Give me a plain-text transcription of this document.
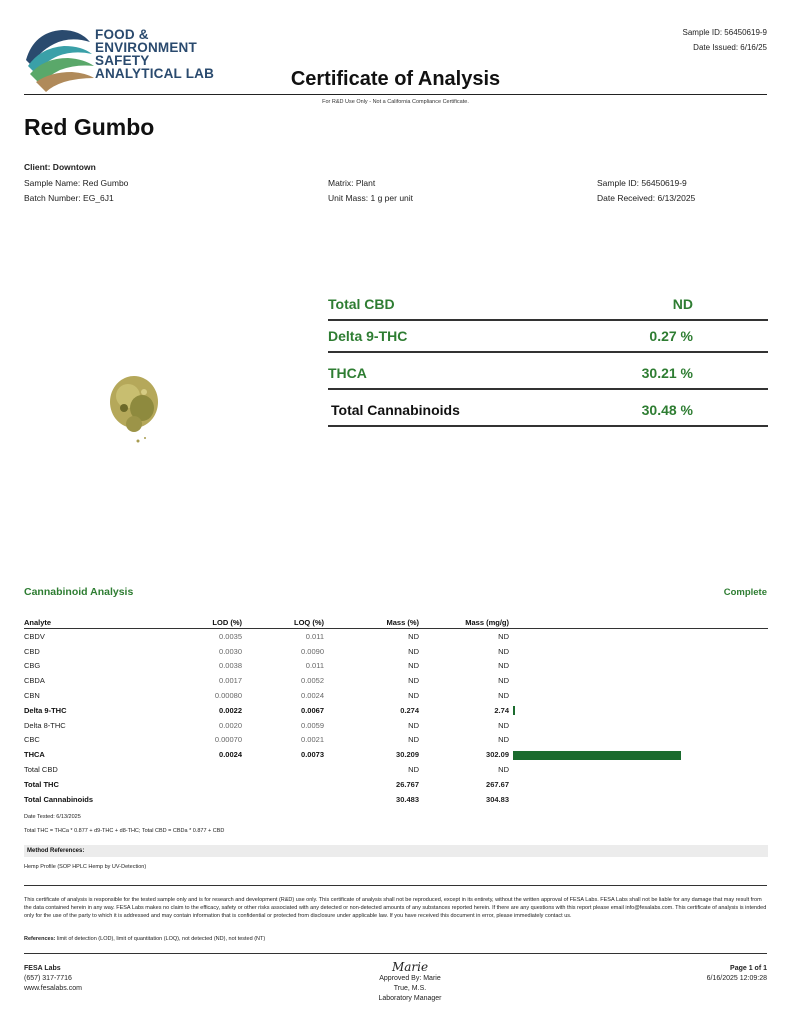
FOOD &
ENVIRONMENT
SAFETY
ANALYTICAL LAB
Sample ID: 56450619-9
Date Issued: 6/16/25
Certificate of Analysis
For R&D Use Only - Not a California Compliance Certificate.
Red Gumbo
Client: Downtown
Sample Name: Red Gumbo
Batch Number: EG_6J1
Matrix: Plant
Unit Mass: 1 g per unit
Sample ID: 56450619-9
Date Received: 6/13/2025
Total CBD	ND
Delta 9-THC	0.27 %
THCA	30.21 %
Total Cannabinoids	30.48 %
Cannabinoid Analysis	Complete
Analyte	LOD (%)	LOQ (%)	Mass (%)	Mass (mg/g)	
CBDV	0.0035	0.011	ND	ND	
CBD	0.0030	0.0090	ND	ND	
CBG	0.0038	0.011	ND	ND	
CBDA	0.0017	0.0052	ND	ND	
CBN	0.00080	0.0024	ND	ND	
Delta 9-THC	0.0022	0.0067	0.274	2.74	
Delta 8-THC	0.0020	0.0059	ND	ND	
CBC	0.00070	0.0021	ND	ND	
THCA	0.0024	0.0073	30.209	302.09	
Total CBD			ND	ND	
Total THC			26.767	267.67	
Total Cannabinoids			30.483	304.83	
Date Tested: 6/13/2025
Total THC = THCa * 0.877 + d9-THC + d8-THC; Total CBD = CBDa * 0.877 + CBD
Method References:
Hemp Profile (SOP HPLC Hemp by UV-Detection)
This certificate of analysis is responsible for the tested sample only and is for research and development (R&D) use only. This certificate of analysis shall not be reproduced, except in its entirety, without the written approval of FESA Labs. FESA Labs shall not be liable for any damage that may result from the data contained herein in any way. FESA Labs makes no claim to the efficacy, safety or other risks associated with any detected or non-detected amounts of any substances reported herein. If there are any questions with this report please email info@fesalabs.com. This certificate of analysis is intended only for the use of the party to which it is addressed and may contain information that is confidential or protected from disclosure under applicable law. If you have received this document in error, please immediately contact us.
References: limit of detection (LOD), limit of quantitation (LOQ), not detected (ND), not tested (NT)
FESA Labs
(657) 317-7716
www.fesalabs.com
Marie
Approved By: Marie
True, M.S.
Laboratory Manager
Page 1 of 1
6/16/2025 12:09:28
